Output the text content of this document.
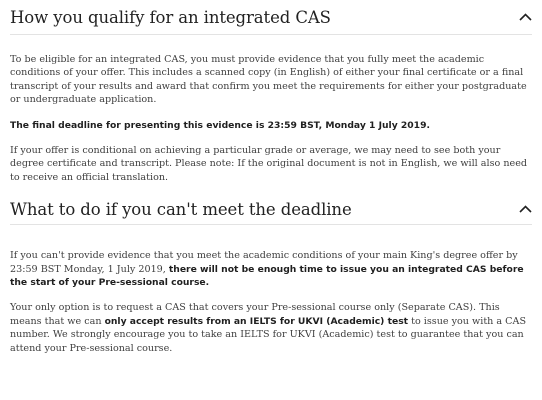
How you qualify for an integrated CAS

To be eligible for an integrated CAS, you must provide evidence that you fully meet the academic conditions of your offer. This includes a scanned copy (in English) of either your final certificate or a final transcript of your results and award that confirm you meet the requirements for either your postgraduate or undergraduate application.

The final deadline for presenting this evidence is 23:59 BST, Monday 1 July 2019.

If your offer is conditional on achieving a particular grade or average, we may need to see both your degree certificate and transcript. Please note: If the original document is not in English, we will also need to receive an official translation.

What to do if you can't meet the deadline

If you can't provide evidence that you meet the academic conditions of your main King's degree offer by 23:59 BST Monday, 1 July 2019, there will not be enough time to issue you an integrated CAS before the start of your Pre-sessional course.

Your only option is to request a CAS that covers your Pre-sessional course only (Separate CAS). This means that we can only accept results from an IELTS for UKVI (Academic) test to issue you with a CAS number. We strongly encourage you to take an IELTS for UKVI (Academic) test to guarantee that you can attend your Pre-sessional course.
